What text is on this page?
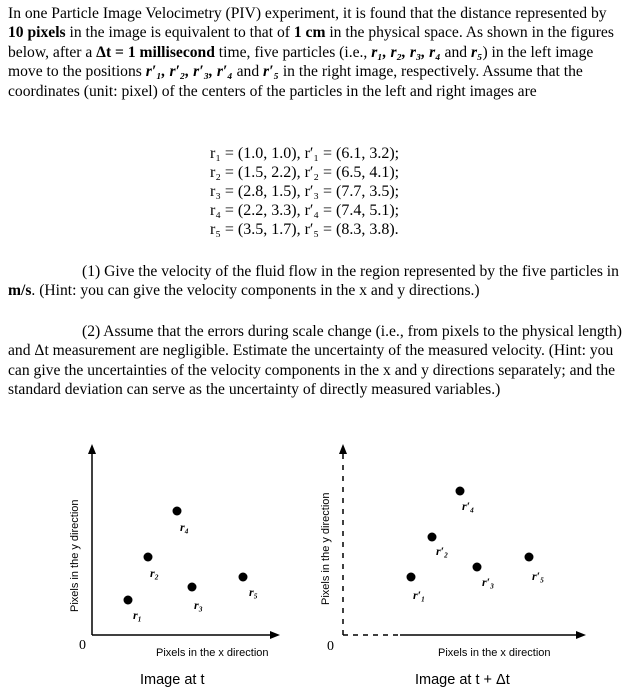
In one Particle Image Velocimetry (PIV) experiment, it is found that the distance represented by 10 pixels in the image is equivalent to that of 1 cm in the physical space. As shown in the figures below, after a Δt = 1 millisecond time, five particles (i.e., r₁, r₂, r₃, r₄ and r₅) in the left image move to the positions r′₁, r′₂, r′₃, r′₄ and r′₅ in the right image, respectively. Assume that the coordinates (unit: pixel) of the centers of the particles in the left and right images are
r₁ = (1.0, 1.0), r′₁ = (6.1, 3.2);
r₂ = (1.5, 2.2), r′₂ = (6.5, 4.1);
r₃ = (2.8, 1.5), r′₃ = (7.7, 3.5);
r₄ = (2.2, 3.3), r′₄ = (7.4, 5.1);
r₅ = (3.5, 1.7), r′₅ = (8.3, 3.8).
(1) Give the velocity of the fluid flow in the region represented by the five particles in m/s. (Hint: you can give the velocity components in the x and y directions.)
(2) Assume that the errors during scale change (i.e., from pixels to the physical length) and Δt measurement are negligible. Estimate the uncertainty of the measured velocity. (Hint: you can give the uncertainties of the velocity components in the x and y directions separately; and the standard deviation can serve as the uncertainty of directly measured variables.)
0
Pixels in the y direction
Pixels in the x direction
Image at t
r₁
r₂
r₃
r₄
r₅
0
Pixels in the y direction
Pixels in the x direction
Image at t + Δt
r′₁
r′₂
r′₃
r′₄
r′₅
